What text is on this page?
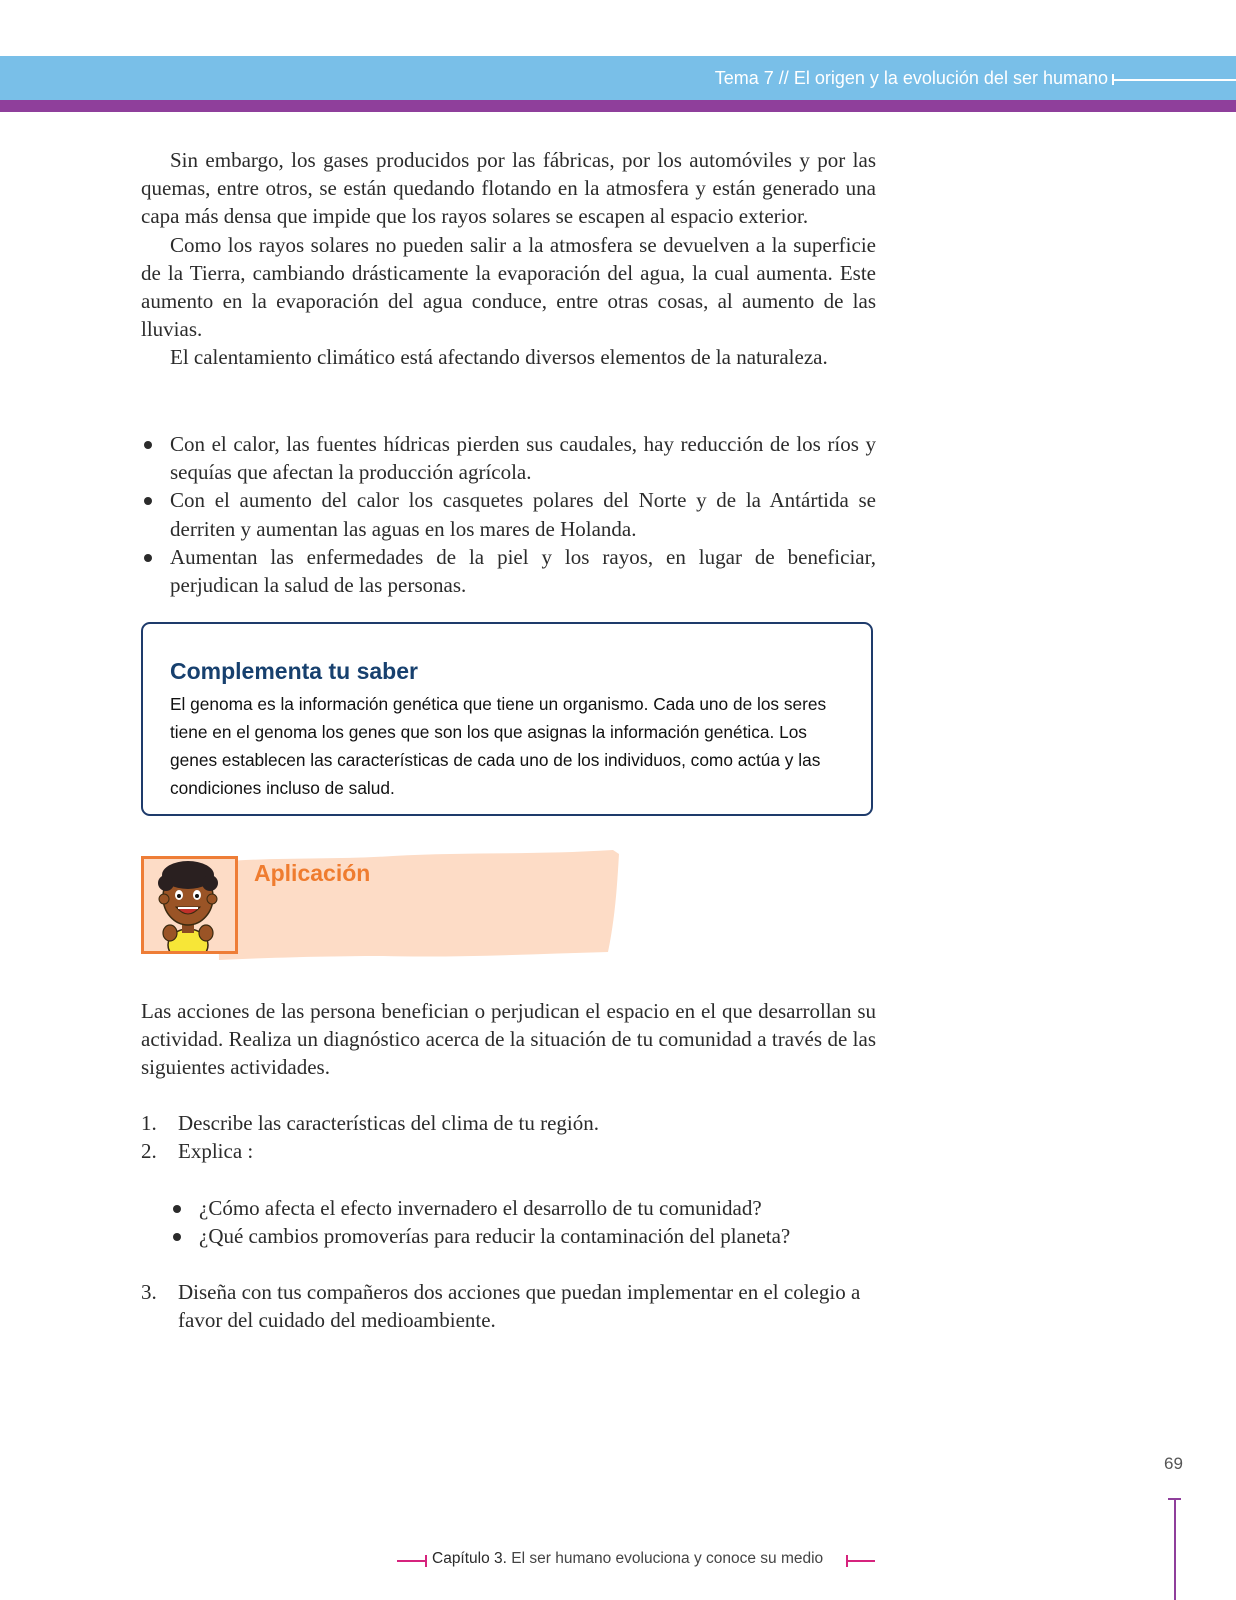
Tema 7 // El origen y la evolución del ser humano

Sin embargo, los gases producidos por las fábricas, por los automóviles y por las quemas, entre otros, se están quedando flotando en la atmosfera y están generado una capa más densa que impide que los rayos solares se escapen al espacio exterior.

Como los rayos solares no pueden salir a la atmosfera se devuelven a la superficie de la Tierra, cambiando drásticamente la evaporación del agua, la cual aumenta. Este aumento en la evaporación del agua conduce, entre otras cosas, al aumento de las lluvias.

El calentamiento climático está afectando diversos elementos de la naturaleza.

Con el calor, las fuentes hídricas pierden sus caudales, hay reducción de los ríos y sequías que afectan la producción agrícola.
Con el aumento del calor los casquetes polares del Norte y de la Antártida se derriten y aumentan las aguas en los mares de Holanda.
Aumentan las enfermedades de la piel y los rayos, en lugar de beneficiar, perjudican la salud de las personas.
Complementa tu saber
El genoma es la información genética que tiene un organismo. Cada uno de los seres tiene en el genoma los genes que son los que asignas la información genética. Los genes establecen las características de cada uno de los individuos, como actúa y las condiciones incluso de salud.
Aplicación

Las acciones de las persona benefician o perjudican el espacio en el que desarrollan su actividad. Realiza un diagnóstico acerca de la situación de tu comunidad a través de las siguientes actividades.

1. Describe las características del clima de tu región.
2. Explica :
¿Cómo afecta el efecto invernadero el desarrollo de tu comunidad?
¿Qué cambios promoverías para reducir la contaminación del planeta?
3. Diseña con tus compañeros dos acciones que puedan implementar en el colegio a favor del cuidado del medioambiente.
69
Capítulo 3. El ser humano evoluciona y conoce su medio
